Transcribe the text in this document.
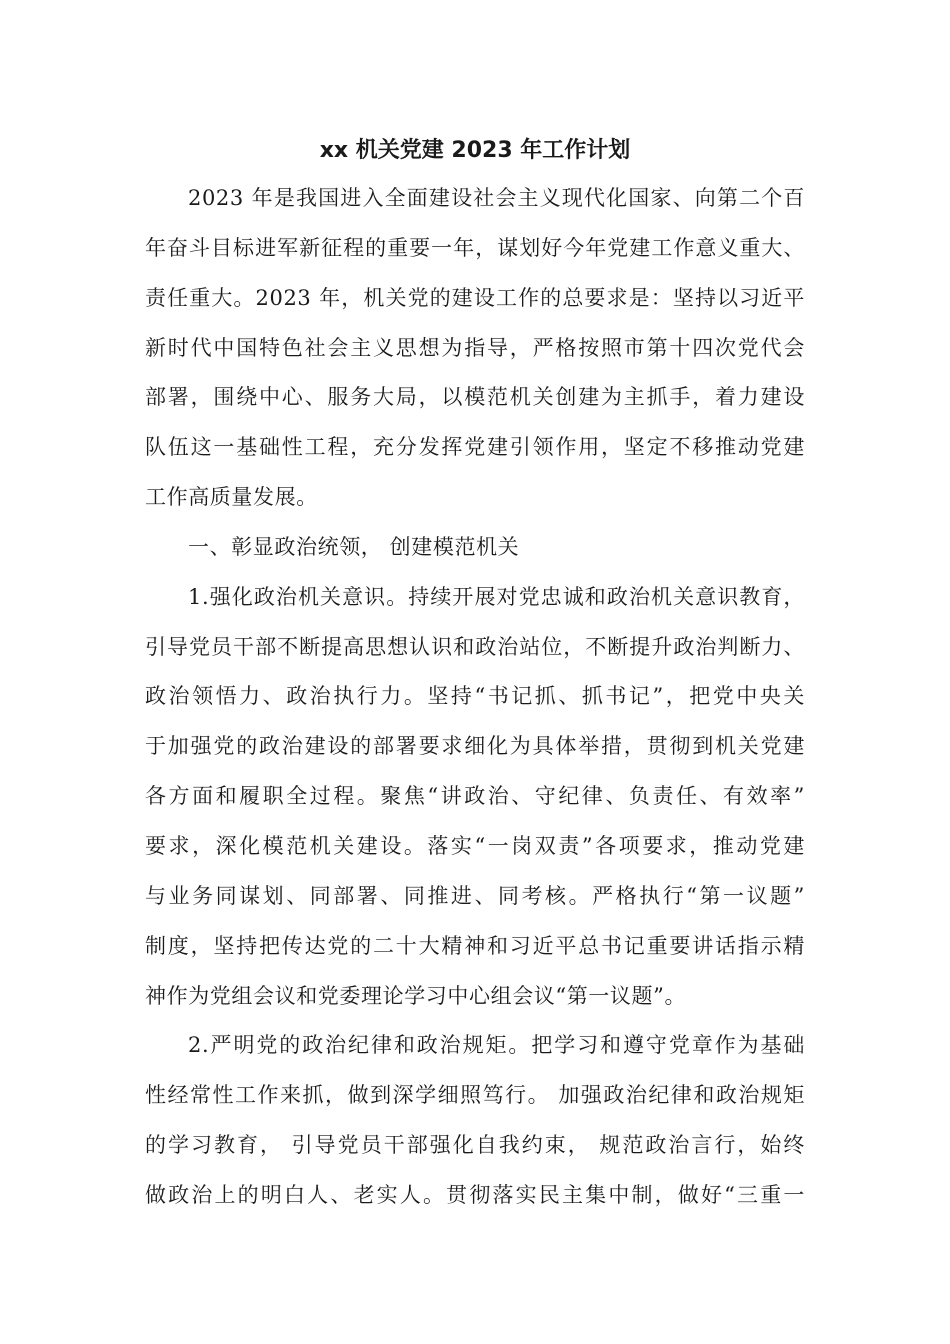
xx 机关党建 2023 年工作计划
2023 年是我国进入全面建设社会主义现代化国家、向第二个百
年奋斗目标进军新征程的重要一年，谋划好今年党建工作意义重大、
责任重大。2023 年，机关党的建设工作的总要求是：坚持以习近平
新时代中国特色社会主义思想为指导，严格按照市第十四次党代会
部署，围绕中心、服务大局，以模范机关创建为主抓手，着力建设
队伍这一基础性工程，充分发挥党建引领作用，坚定不移推动党建
工作高质量发展。
一、彰显政治统领， 创建模范机关
1.强化政治机关意识。持续开展对党忠诚和政治机关意识教育，
引导党员干部不断提高思想认识和政治站位，不断提升政治判断力、
政治领悟力、政治执行力。坚持“书记抓、抓书记”，把党中央关
于加强党的政治建设的部署要求细化为具体举措，贯彻到机关党建
各方面和履职全过程。聚焦“讲政治、守纪律、负责任、有效率”
要求，深化模范机关建设。落实“一岗双责”各项要求，推动党建
与业务同谋划、同部署、同推进、同考核。严格执行“第一议题”
制度，坚持把传达党的二十大精神和习近平总书记重要讲话指示精
神作为党组会议和党委理论学习中心组会议“第一议题”。
2.严明党的政治纪律和政治规矩。把学习和遵守党章作为基础
性经常性工作来抓，做到深学细照笃行。 加强政治纪律和政治规矩
的学习教育， 引导党员干部强化自我约束， 规范政治言行，始终
做政治上的明白人、老实人。贯彻落实民主集中制，做好“三重一
